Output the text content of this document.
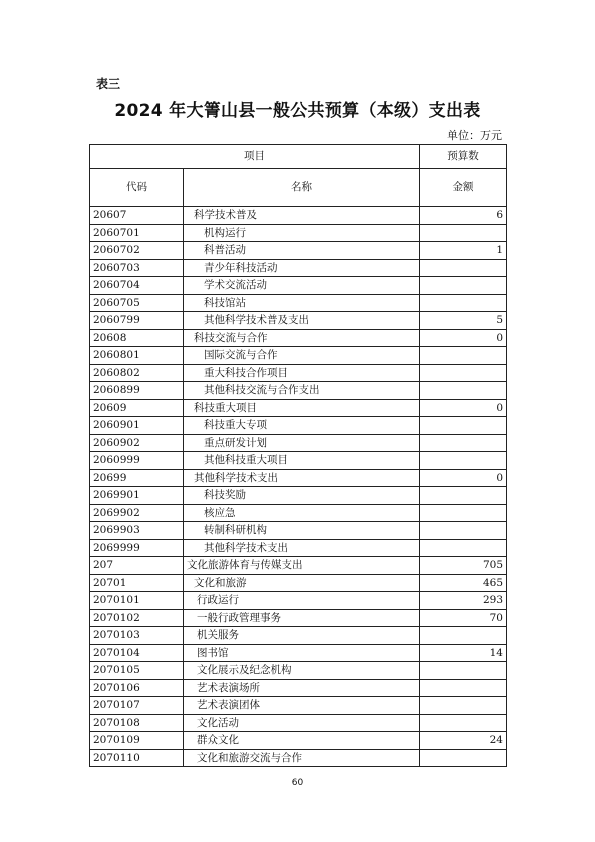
表三
2024 年大箐山县一般公共预算（本级）支出表
单位：万元
项目		预算数
代码	名称	金额
20607	科学技术普及	6
2060701	机构运行	
2060702	科普活动	1
2060703	青少年科技活动	
2060704	学术交流活动	
2060705	科技馆站	
2060799	其他科学技术普及支出	5
20608	科技交流与合作	0
2060801	国际交流与合作	
2060802	重大科技合作项目	
2060899	其他科技交流与合作支出	
20609	科技重大项目	0
2060901	科技重大专项	
2060902	重点研发计划	
2060999	其他科技重大项目	
20699	其他科学技术支出	0
2069901	科技奖励	
2069902	核应急	
2069903	转制科研机构	
2069999	其他科学技术支出	
207	文化旅游体育与传媒支出	705
20701	文化和旅游	465
2070101	行政运行	293
2070102	一般行政管理事务	70
2070103	机关服务	
2070104	图书馆	14
2070105	文化展示及纪念机构	
2070106	艺术表演场所	
2070107	艺术表演团体	
2070108	文化活动	
2070109	群众文化	24
2070110	文化和旅游交流与合作	
60
